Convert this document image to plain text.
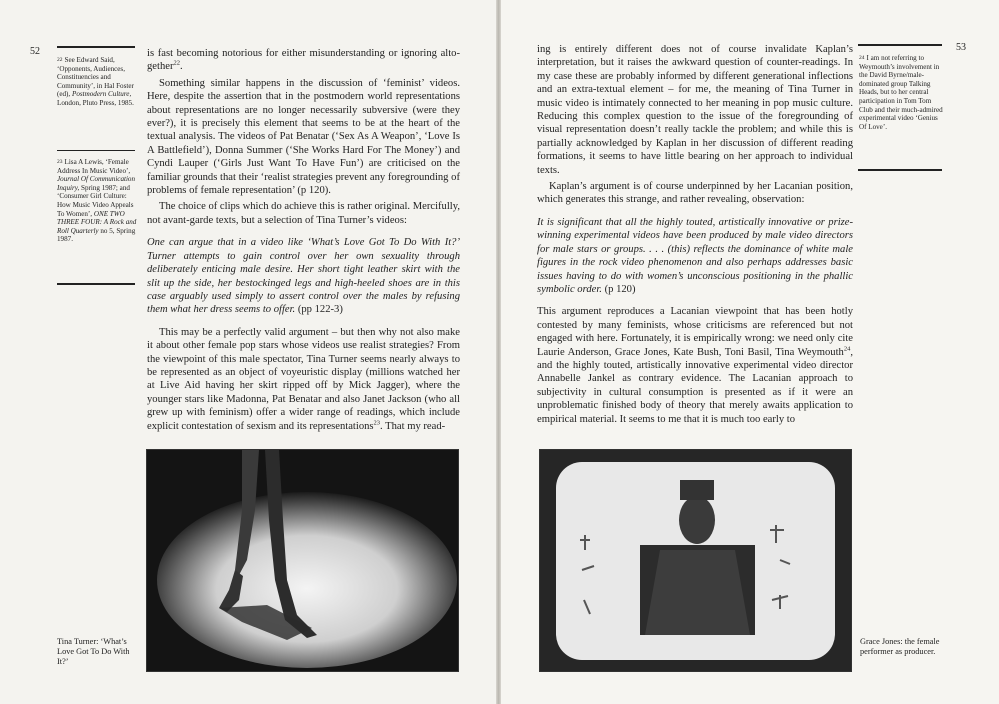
52
$^{22}$ See Edward Said, ‘Opponents, Audiences, Constituencies and Community’, in Hal Foster (ed), Postmodern Culture, London, Pluto Press, 1985.
$^{23}$ Lisa A Lewis, ‘Female Address In Music Video’, Journal Of Communication Inquiry, Spring 1987; and ‘Consumer Girl Culture: How Music Video Appeals To Women’, ONE TWO THREE FOUR: A Rock and Roll Quarterly no 5, Spring 1987.

is fast becoming notorious for either misunderstanding or ignoring alto-gether$^{22}$.

Something similar happens in the discussion of ‘feminist’ videos. Here, despite the assertion that in the postmodern world representations about representations are no longer necessarily subversive (were they ever?), it is precisely this element that seems to be at the heart of the textual analysis. The videos of Pat Benatar (‘Sex As A Weapon’, ‘Love Is A Battlefield’), Donna Summer (‘She Works Hard For The Money’) and Cyndi Lauper (‘Girls Just Want To Have Fun’) are criticised on the familiar grounds that their ‘realist strategies prevent any foregrounding of problems of female representation’ (p 120).

The choice of clips which do achieve this is rather original. Mercifully, not avant-garde texts, but a selection of Tina Turner’s videos:

One can argue that in a video like ‘What’s Love Got To Do With It?’ Turner attempts to gain control over her own sexuality through deliberately enticing male desire. Her short tight leather skirt with the slit up the side, her bestockinged legs and high-heeled shoes are in this case arguably used simply to assert control over the males by refusing them what her dress seems to offer. (pp 122-3)

This may be a perfectly valid argument – but then why not also make it about other female pop stars whose videos use realist strategies? From the viewpoint of this male spectator, Tina Turner seems nearly always to be represented as an object of voyeuristic display (millions watched her at Live Aid having her skirt ripped off by Mick Jagger), where the younger stars like Madonna, Pat Benatar and also Janet Jackson (who all grew up with feminism) offer a wider range of readings, which include explicit contestation of sexism and its representations$^{23}$. That my read-

Tina Turner: ‘What’s Love Got To Do With It?’
53
$^{24}$ I am not referring to Weymouth’s involvement in the David Byrne/male-dominated group Talking Heads, but to her central participation in Tom Tom Club and their much-admired experimental video ‘Genius Of Love’.

ing is entirely different does not of course invalidate Kaplan’s interpretation, but it raises the awkward question of counter-readings. In my case these are probably informed by different generational inflections and an extra-textual element – for me, the meaning of Tina Turner in music video is intimately connected to her meaning in pop music culture. Reducing this complex question to the issue of the foregrounding of visual representation doesn’t really tackle the problem; and while this is partially acknowledged by Kaplan in her discussion of different reading formations, it seems to have little bearing on her approach to individual texts.

Kaplan’s argument is of course underpinned by her Lacanian position, which generates this strange, and rather revealing, observation:

It is significant that all the highly touted, artistically innovative or prize-winning experimental videos have been produced by male video directors for male stars or groups. . . . (this) reflects the dominance of white male figures in the rock video phenomenon and also perhaps addresses basic issues having to do with women’s unconscious positioning in the phallic symbolic order. (p 120)

This argument reproduces a Lacanian viewpoint that has been hotly contested by many feminists, whose criticisms are referenced but not engaged with here. Fortunately, it is empirically wrong: we need only cite Laurie Anderson, Grace Jones, Kate Bush, Toni Basil, Tina Weymouth$^{24}$, and the highly touted, artistically innovative experimental video director Annabelle Jankel as contrary evidence. The Lacanian approach to subjectivity in cultural consumption is presented as if it were an unproblematic finished body of theory that merely awaits application to empirical material. It seems to me that it is much too early to

Grace Jones: the female performer as producer.
